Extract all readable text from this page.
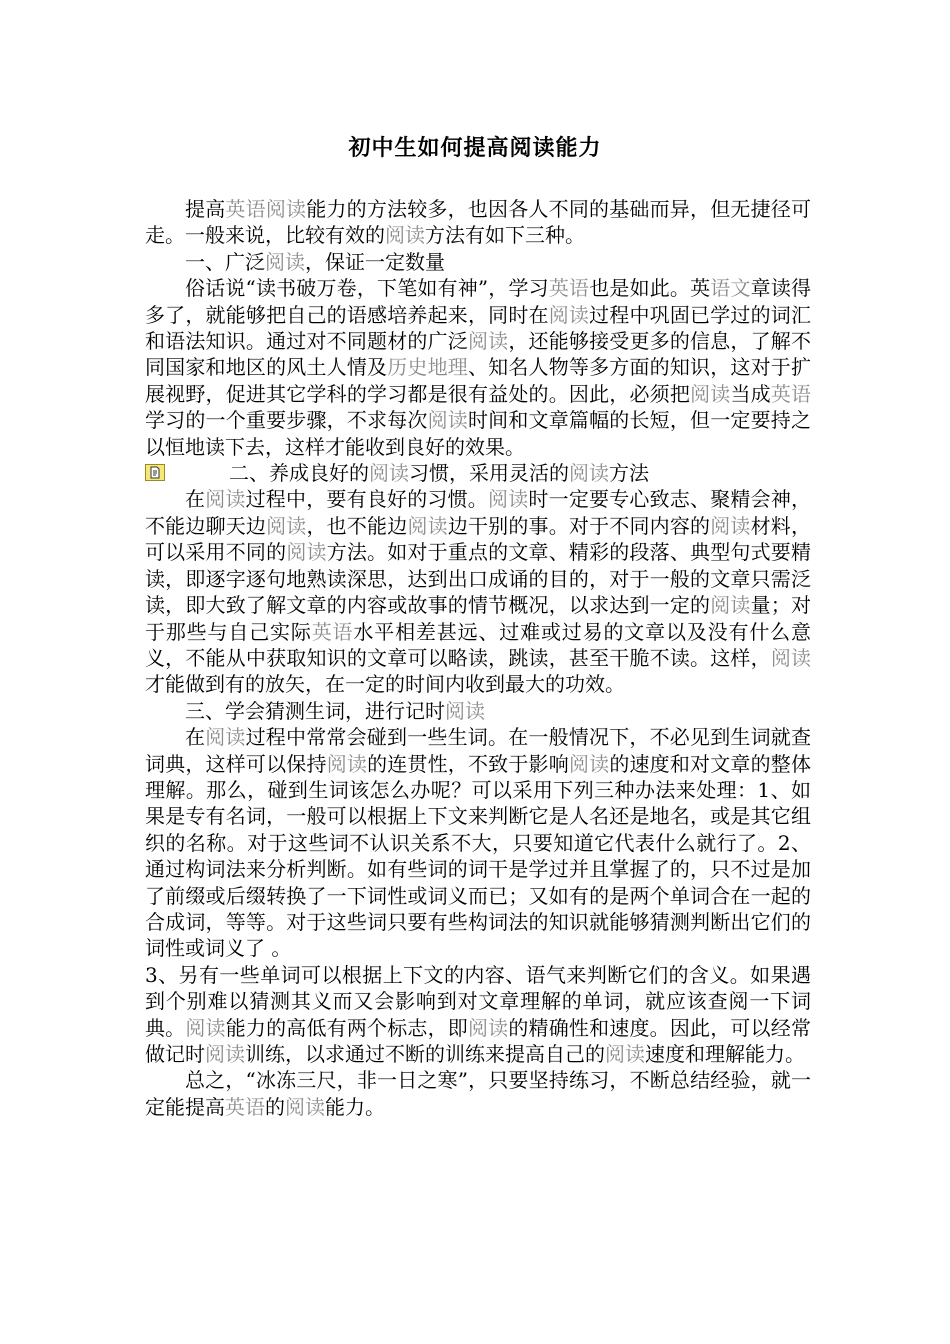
初中生如何提高阅读能力

提高英语阅读能力的方法较多，也因各人不同的基础而异，但无捷径可走。一般来说，比较有效的阅读方法有如下三种。

一、广泛阅读，保证一定数量

俗话说“读书破万卷，下笔如有神”，学习英语也是如此。英语文章读得多了，就能够把自己的语感培养起来，同时在阅读过程中巩固已学过的词汇和语法知识。通过对不同题材的广泛阅读，还能够接受更多的信息，了解不同国家和地区的风土人情及历史地理、知名人物等多方面的知识，这对于扩展视野，促进其它学科的学习都是很有益处的。因此，必须把阅读当成英语学习的一个重要步骤，不求每次阅读时间和文章篇幅的长短，但一定要持之以恒地读下去，这样才能收到良好的效果。

二、养成良好的阅读习惯，采用灵活的阅读方法

在阅读过程中，要有良好的习惯。阅读时一定要专心致志、聚精会神，不能边聊天边阅读，也不能边阅读边干别的事。对于不同内容的阅读材料，可以采用不同的阅读方法。如对于重点的文章、精彩的段落、典型句式要精读，即逐字逐句地熟读深思，达到出口成诵的目的，对于一般的文章只需泛读，即大致了解文章的内容或故事的情节概况，以求达到一定的阅读量；对于那些与自己实际英语水平相差甚远、过难或过易的文章以及没有什么意义，不能从中获取知识的文章可以略读，跳读，甚至干脆不读。这样，阅读才能做到有的放矢，在一定的时间内收到最大的功效。

三、学会猜测生词，进行记时阅读

在阅读过程中常常会碰到一些生词。在一般情况下，不必见到生词就查词典，这样可以保持阅读的连贯性，不致于影响阅读的速度和对文章的整体理解。那么，碰到生词该怎么办呢？可以采用下列三种办法来处理：1、如果是专有名词，一般可以根据上下文来判断它是人名还是地名，或是其它组织的名称。对于这些词不认识关系不大，只要知道它代表什么就行了。2、通过构词法来分析判断。如有些词的词干是学过并且掌握了的，只不过是加了前缀或后缀转换了一下词性或词义而已；又如有的是两个单词合在一起的合成词，等等。对于这些词只要有些构词法的知识就能够猜测判断出它们的词性或词义了 。

3、另有一些单词可以根据上下文的内容、语气来判断它们的含义。如果遇到个别难以猜测其义而又会影响到对文章理解的单词，就应该查阅一下词典。阅读能力的高低有两个标志，即阅读的精确性和速度。因此，可以经常做记时阅读训练，以求通过不断的训练来提高自己的阅读速度和理解能力。

总之，“冰冻三尺，非一日之寒”，只要坚持练习，不断总结经验，就一定能提高英语的阅读能力。
